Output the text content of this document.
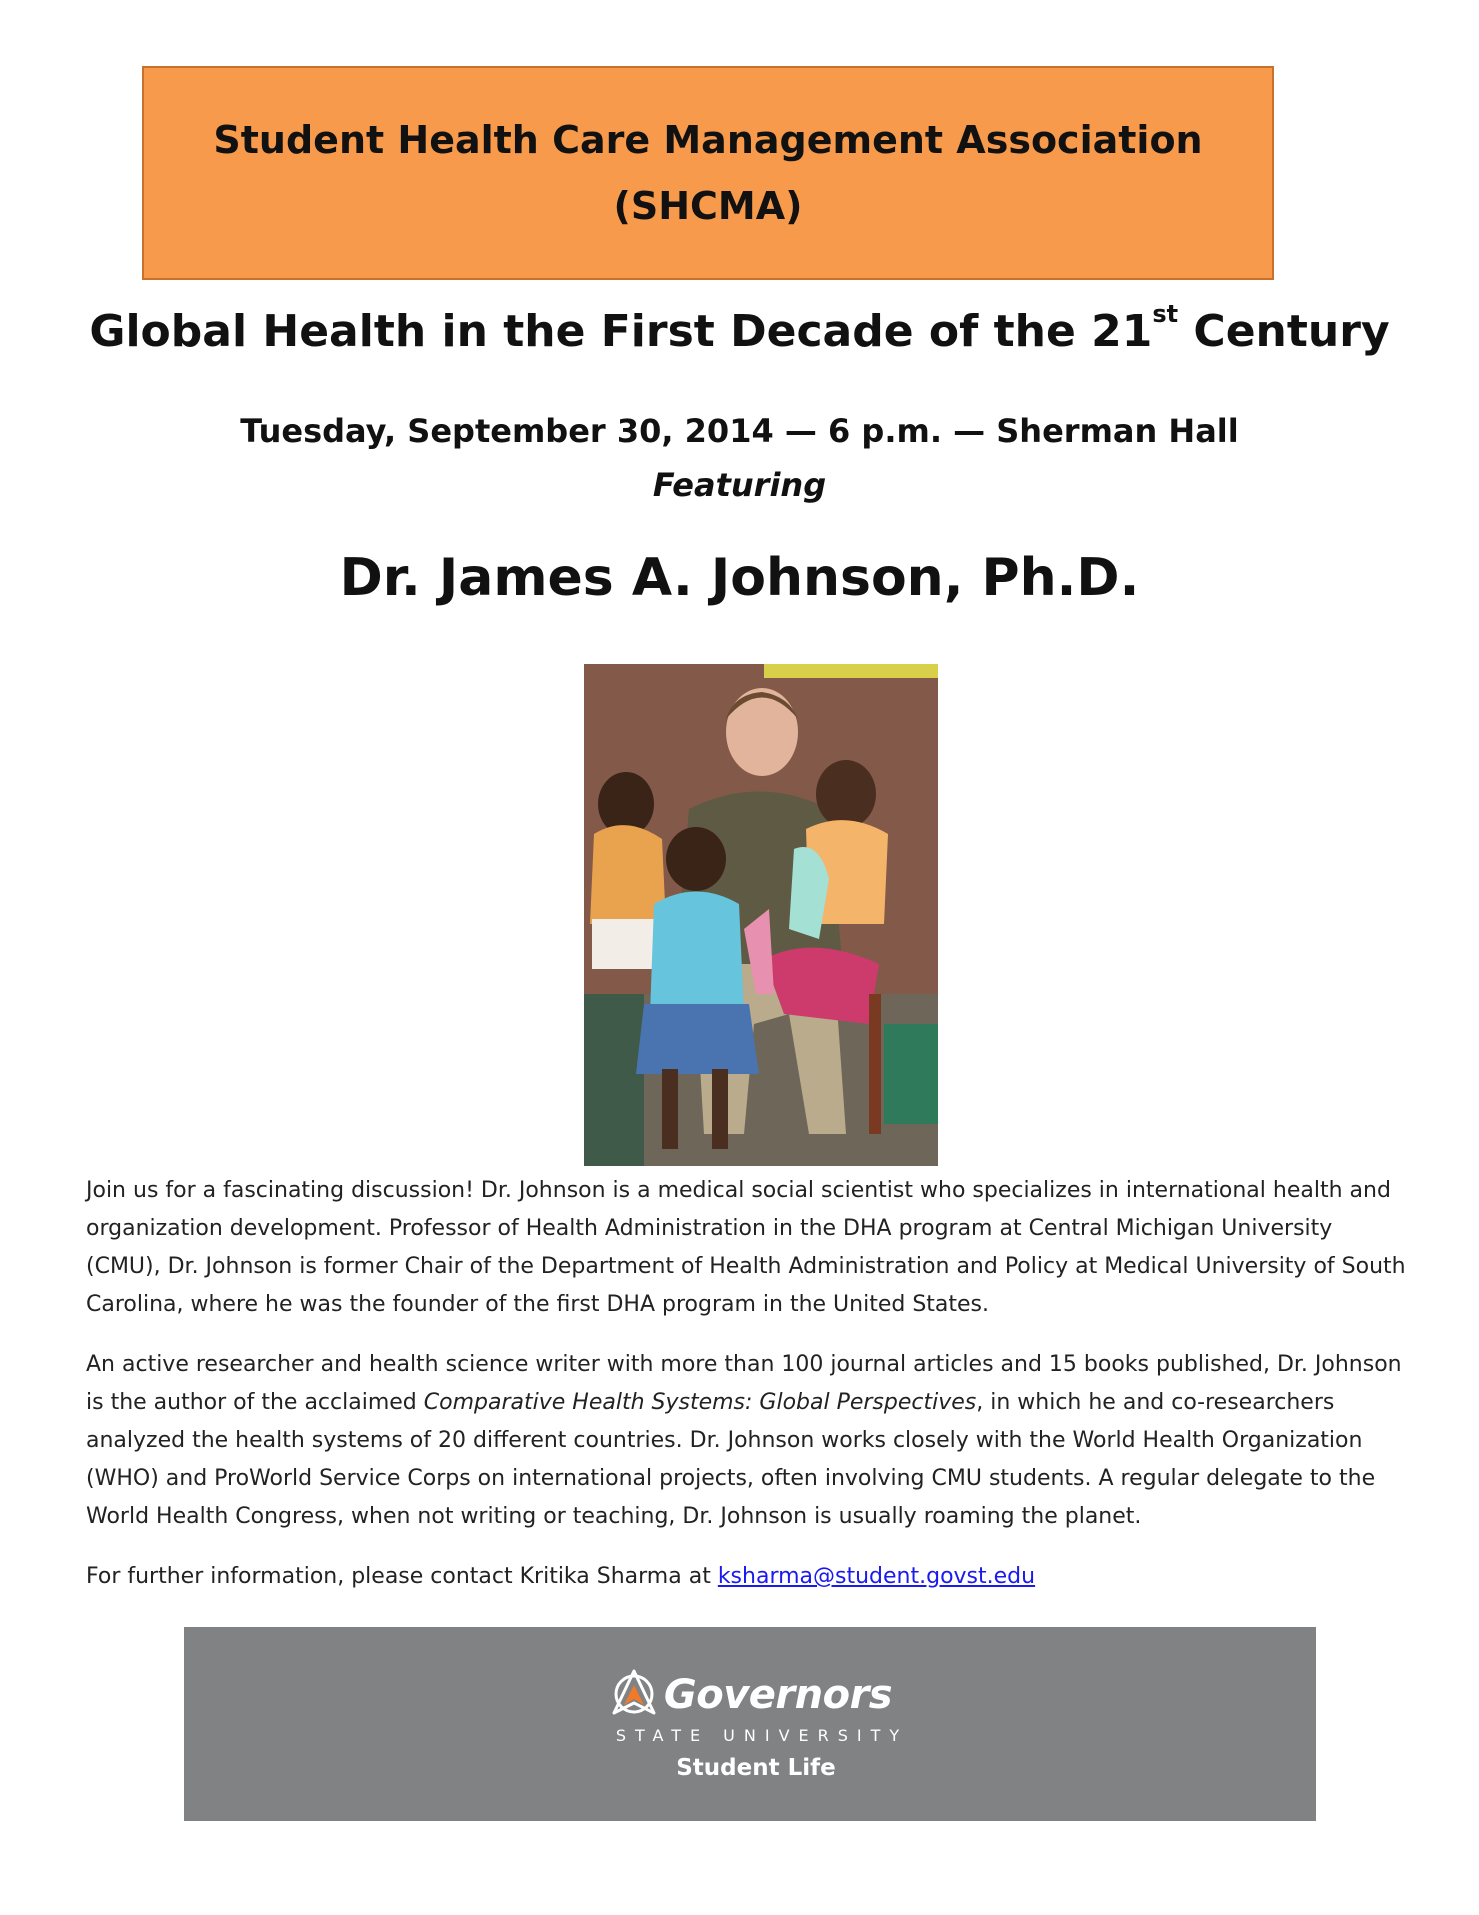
Student Health Care Management Association
(SHCMA)
Global Health in the First Decade of the 21st Century
Tuesday, September 30, 2014 — 6 p.m. — Sherman Hall
Featuring
Dr. James A. Johnson, Ph.D.

Join us for a fascinating discussion! Dr. Johnson is a medical social scientist who specializes in international health and organization development. Professor of Health Administration in the DHA program at Central Michigan University (CMU), Dr. Johnson is former Chair of the Department of Health Administration and Policy at Medical University of South Carolina, where he was the founder of the first DHA program in the United States.

An active researcher and health science writer with more than 100 journal articles and 15 books published, Dr. Johnson is the author of the acclaimed Comparative Health Systems: Global Perspectives, in which he and co-researchers analyzed the health systems of 20 different countries. Dr. Johnson works closely with the World Health Organization (WHO) and ProWorld Service Corps on international projects, often involving CMU students. A regular delegate to the World Health Congress, when not writing or teaching, Dr. Johnson is usually roaming the planet.

For further information, please contact Kritika Sharma at ksharma@student.govst.edu

Governors
STATE UNIVERSITY
Student Life
